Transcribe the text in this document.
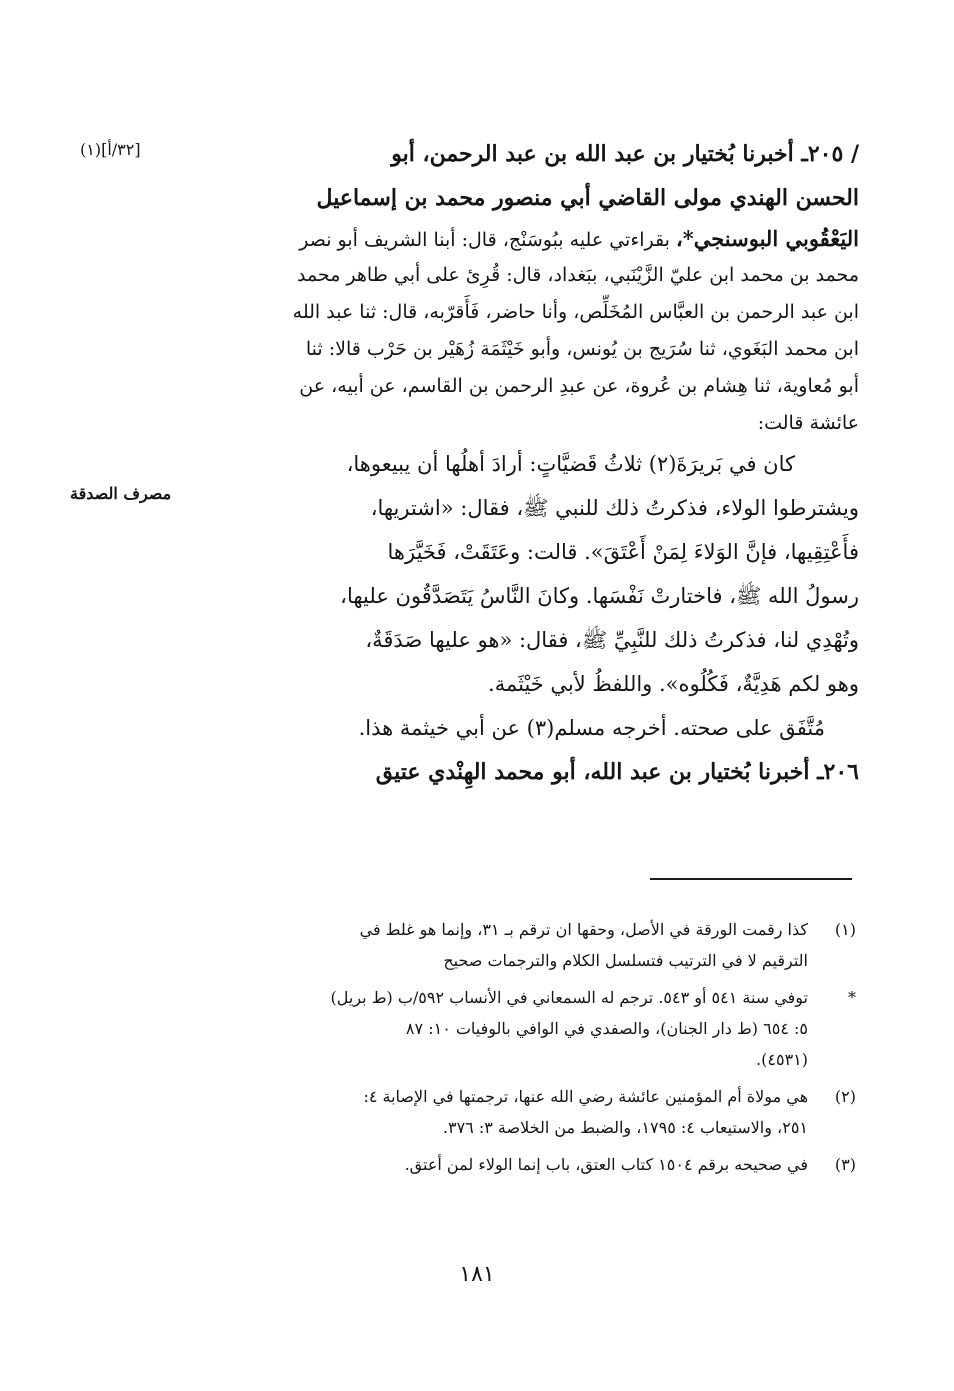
[٣٢/أ](١)	/ ٢٠٥ـ أخبرنا بُختيار بن عبد الله بن عبد الرحمن، أبو
الحسن الهندي مولى القاضي أبي منصور محمد بن إسماعيل
اليَعْقُوبي البوسنجي*، بقراءتي عليه ببُوسَنْج، قال: أبنا الشريف أبو نصر
محمد بن محمد ابن عليّ الزَّيْنَبي، ببَغداد، قال: قُرِئ على أبي طاهر محمد
ابن عبد الرحمن بن العبَّاس المُخَلِّص، وأنا حاضر، فَأَقرّبه، قال: ثنا عبد الله
ابن محمد البَغَوي، ثنا سُرَيج بن يُونس، وأبو خَيْثَمَة زُهَيْر بن حَرْب قالا: ثنا
أبو مُعاوية، ثنا هِشام بن عُروة، عن عبدِ الرحمن بن القاسم، عن أبيه، عن
عائشة قالت:
كان في بَريرَةَ(٢) ثلاثُ قَضيَّاتٍ: أرادَ أهلُها أن يبيعوها،
ويشترطوا الولاء، فذكرتُ ذلك للنبي ﷺ، فقال: «اشتريها،
فأَعْتِقِيها، فإنَّ الوَلاءَ لِمَنْ أَعْتَقَ». قالت: وعَتَقَتْ، فَخَيَّرَها
رسولُ الله ﷺ، فاختارتْ نَفْسَها. وكانَ النَّاسُ يَتَصَدَّقُون عليها،
وتُهْدِي لنا، فذكرتُ ذلك للنَّبِيِّ ﷺ، فقال: «هو عليها صَدَقَةٌ،
وهو لكم هَدِيَّةٌ، فَكُلُوه». واللفظُ لأبي خَيْثَمة.
مُتَّفَق على صحته. أخرجه مسلم(٣) عن أبي خيثمة هذا.
٢٠٦ـ أخبرنا بُختيار بن عبد الله، أبو محمد الهِنْدي عتيق
مصرف الصدقة
(١)
كذا رقمت الورقة في الأصل، وحقها ان ترقم بـ ٣١، وإنما هو غلط في
الترقيم لا في الترتيب فتسلسل الكلام والترجمات صحيح
*
توفي سنة ٥٤١ أو ٥٤٣. ترجم له السمعاني في الأنساب ٥٩٢/ب (ط بريل)
٥: ٦٥٤ (ط دار الجنان)، والصفدي في الوافي بالوفيات ١٠: ٨٧
(٤٥٣١).
(٢)
هي مولاة أم المؤمنين عائشة رضي الله عنها، ترجمتها في الإصابة ٤:
٢٥١، والاستيعاب ٤: ١٧٩٥، والضبط من الخلاصة ٣: ٣٧٦.
(٣)
في صحيحه برقم ١٥٠٤ كتاب العتق، باب إنما الولاء لمن أعتق.
١٨١
